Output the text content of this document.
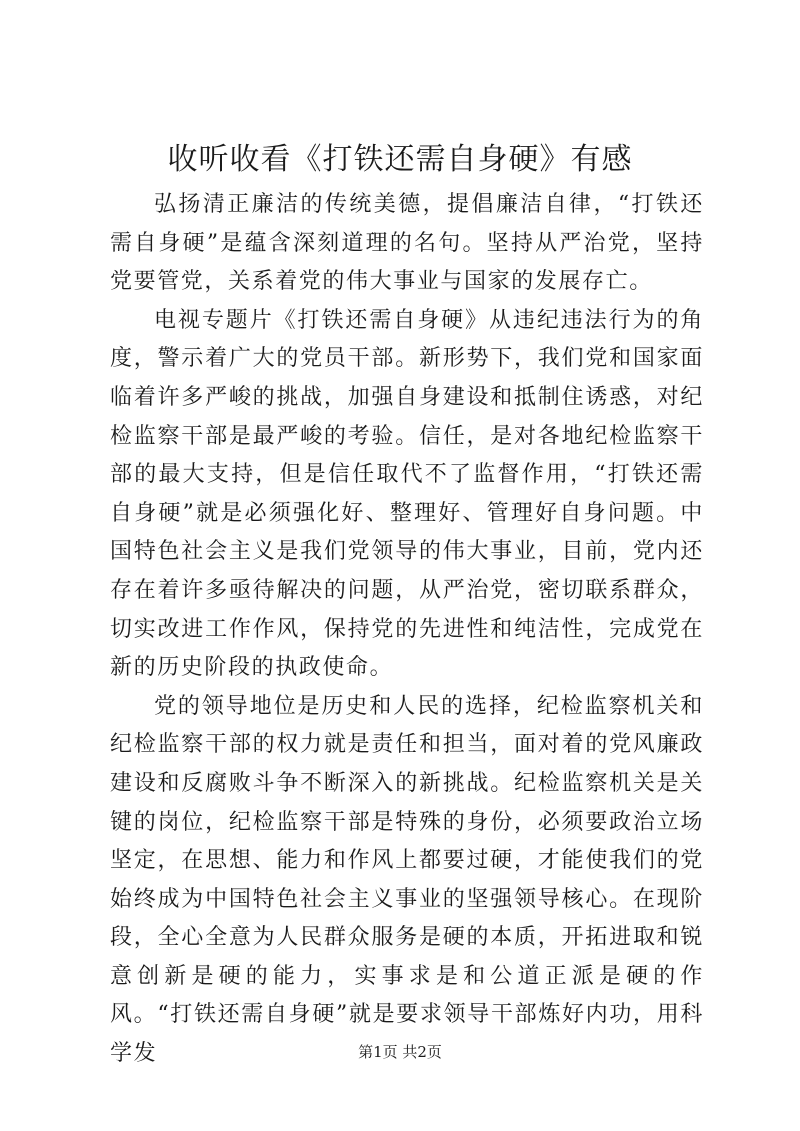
收听收看《打铁还需自身硬》有感

弘扬清正廉洁的传统美德，提倡廉洁自律，“打铁还需自身硬”是蕴含深刻道理的名句。坚持从严治党，坚持党要管党，关系着党的伟大事业与国家的发展存亡。

电视专题片《打铁还需自身硬》从违纪违法行为的角度，警示着广大的党员干部。新形势下，我们党和国家面临着许多严峻的挑战，加强自身建设和抵制住诱惑，对纪检监察干部是最严峻的考验。信任，是对各地纪检监察干部的最大支持，但是信任取代不了监督作用，“打铁还需自身硬”就是必须强化好、整理好、管理好自身问题。中国特色社会主义是我们党领导的伟大事业，目前，党内还存在着许多亟待解决的问题，从严治党，密切联系群众，切实改进工作作风，保持党的先进性和纯洁性，完成党在新的历史阶段的执政使命。

党的领导地位是历史和人民的选择，纪检监察机关和纪检监察干部的权力就是责任和担当，面对着的党风廉政建设和反腐败斗争不断深入的新挑战。纪检监察机关是关键的岗位，纪检监察干部是特殊的身份，必须要政治立场坚定，在思想、能力和作风上都要过硬，才能使我们的党始终成为中国特色社会主义事业的坚强领导核心。在现阶段，全心全意为人民群众服务是硬的本质，开拓进取和锐意创新是硬的能力，实事求是和公道正派是硬的作风。“打铁还需自身硬”就是要求领导干部炼好内功，用科学发	第1页 共2页
